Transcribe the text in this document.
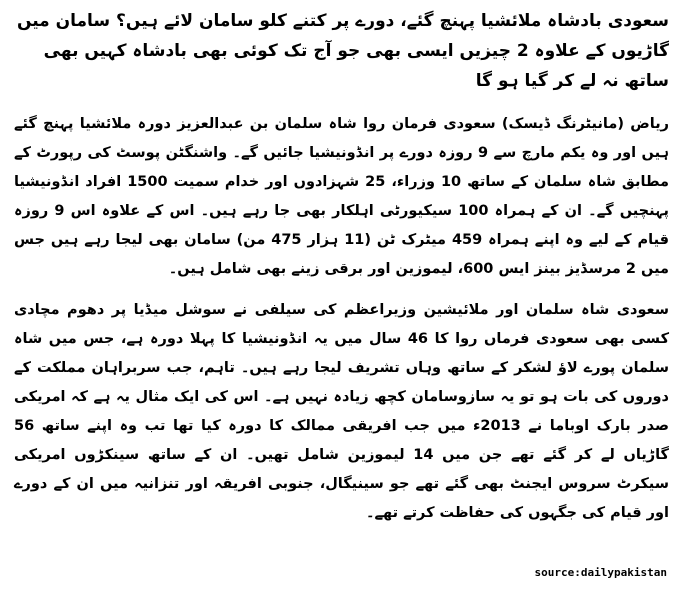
سعودی بادشاہ ملائشیا پہنچ گئے، دورے پر کتنے کلو سامان لائے ہیں؟ سامان میں گاڑیوں کے علاوہ 2 چیزیں ایسی بھی جو آج تک کوئی بھی بادشاہ کہیں بھی ساتھ نہ لے کر گیا ہو گا
ریاض (مانیٹرنگ ڈیسک) سعودی فرمان روا شاہ سلمان بن عبدالعزیز دورہ ملائشیا پہنچ گئے ہیں اور وہ یکم مارچ سے 9 روزہ دورے پر انڈونیشیا جائیں گے۔ واشنگٹن پوسٹ کی رپورٹ کے مطابق شاہ سلمان کے ساتھ 10 وزراء، 25 شہزادوں اور خدام سمیت 1500 افراد انڈونیشیا پہنچیں گے۔ ان کے ہمراہ 100 سیکیورٹی اہلکار بھی جا رہے ہیں۔ اس کے علاوہ اس 9 روزہ قیام کے لیے وہ اپنے ہمراہ 459 میٹرک ٹن (11 ہزار 475 من) سامان بھی لیجا رہے ہیں جس میں 2 مرسڈیز بینز ایس 600، لیموزین اور برقی زینے بھی شامل ہیں۔
سعودی شاہ سلمان اور ملائیشین وزیراعظم کی سیلفی نے سوشل میڈیا پر دھوم مچادی کسی بھی سعودی فرماں روا کا 46 سال میں یہ انڈونیشیا کا پہلا دورہ ہے، جس میں شاہ سلمان پورے لاؤ لشکر کے ساتھ وہاں تشریف لیجا رہے ہیں۔ تاہم، جب سربراہان مملکت کے دوروں کی بات ہو تو یہ سازوسامان کچھ زیادہ نہیں ہے۔ اس کی ایک مثال یہ ہے کہ امریکی صدر بارک اوباما نے 2013ء میں جب افریقی ممالک کا دورہ کیا تھا تب وہ اپنے ساتھ 56 گاڑیاں لے کر گئے تھے جن میں 14 لیموزین شامل تھیں۔ ان کے ساتھ سینکڑوں امریکی سیکرٹ سروس ایجنٹ بھی گئے تھے جو سینیگال، جنوبی افریقہ اور تنزانیہ میں ان کے دورے اور قیام کی جگہوں کی حفاظت کرتے تھے۔
source:dailypakistan
